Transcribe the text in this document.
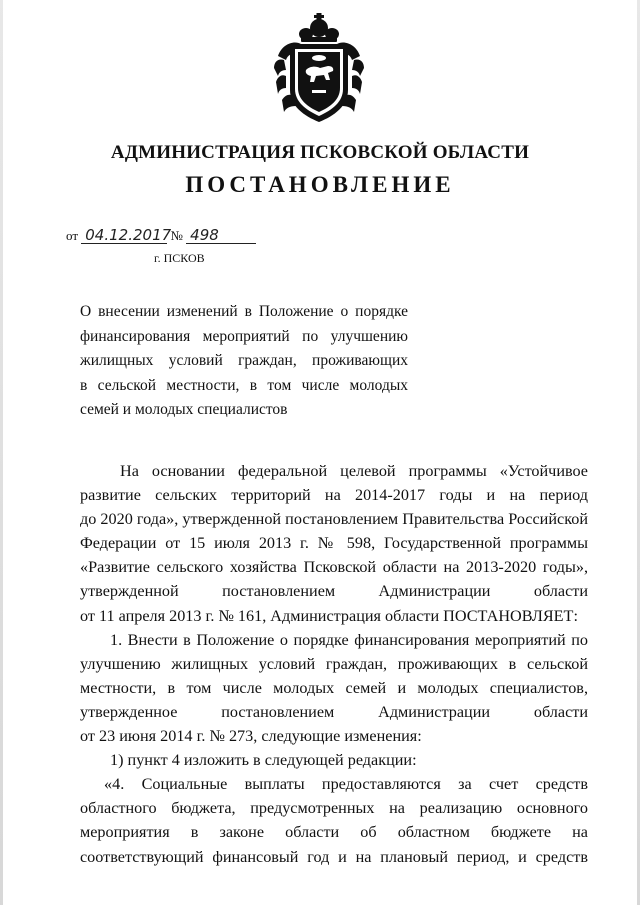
АДМИНИСТРАЦИЯ ПСКОВСКОЙ ОБЛАСТИ
ПОСТАНОВЛЕНИЕ
от 04.12.2017 № 498
г. ПСКОВ
О внесении изменений в Положение о порядке
финансирования мероприятий по улучшению
жилищных условий граждан, проживающих
в сельской местности, в том числе молодых
семей и молодых специалистов
На основании федеральной целевой программы «Устойчивое
развитие сельских территорий на 2014-2017 годы и на период
до 2020 года», утвержденной постановлением Правительства Российской
Федерации от 15 июля 2013 г. № 598, Государственной программы
«Развитие сельского хозяйства Псковской области на 2013-2020 годы»,
утвержденной постановлением Администрации области
от 11 апреля 2013 г. № 161, Администрация области ПОСТАНОВЛЯЕТ:
1. Внести в Положение о порядке финансирования мероприятий по
улучшению жилищных условий граждан, проживающих в сельской
местности, в том числе молодых семей и молодых специалистов,
утвержденное постановлением Администрации области
от 23 июня 2014 г. № 273, следующие изменения:
1) пункт 4 изложить в следующей редакции:
«4. Социальные выплаты предоставляются за счет средств
областного бюджета, предусмотренных на реализацию основного
мероприятия в законе области об областном бюджете на
соответствующий финансовый год и на плановый период, и средств
